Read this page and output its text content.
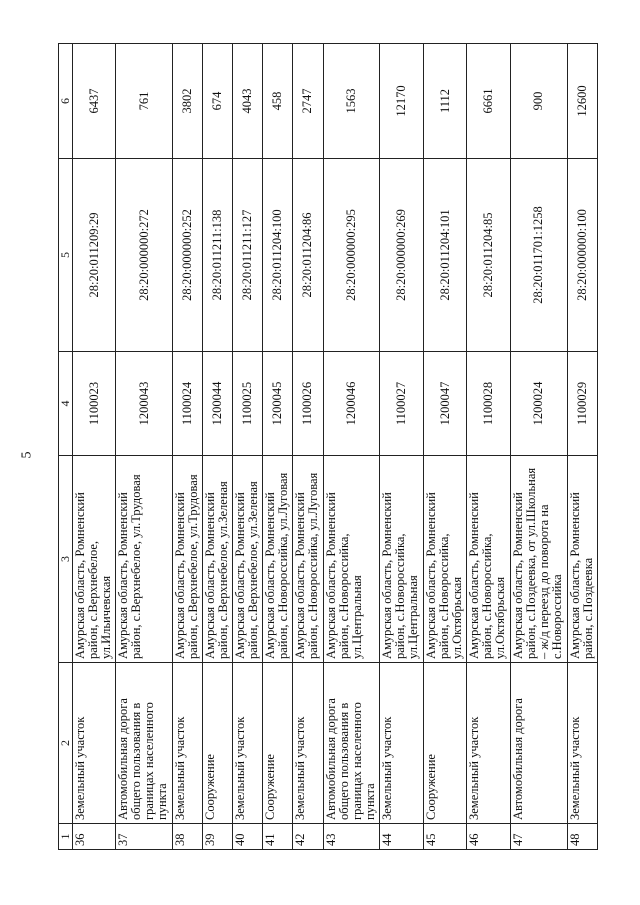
5
1	2	3	4	5	6
36	Земельный участок	Амурская область, Ромненский район, с.Верхнебелое, ул.Ильичевская	1100023	28:20:011209:29	6437
37	Автомобильная дорога общего пользования в границах населенного пункта	Амурская область, Ромненский район, с.Верхнебелое, ул.Трудовая	1200043	28:20:000000:272	761
38	Земельный участок	Амурская область, Ромненский район, с.Верхнебелое, ул.Трудовая	1100024	28:20:000000:252	3802
39	Сооружение	Амурская область, Ромненский район, с.Верхнебелое, ул.Зеленая	1200044	28:20:011211:138	674
40	Земельный участок	Амурская область, Ромненский район, с.Верхнебелое, ул.Зеленая	1100025	28:20:011211:127	4043
41	Сооружение	Амурская область, Ромненский район, с.Новороссийка, ул.Луговая	1200045	28:20:011204:100	458
42	Земельный участок	Амурская область, Ромненский район, с.Новороссийка, ул.Луговая	1100026	28:20:011204:86	2747
43	Автомобильная дорога общего пользования в границах населенного пункта	Амурская область, Ромненский район, с.Новороссийка, ул.Центральная	1200046	28:20:000000:295	1563
44	Земельный участок	Амурская область, Ромненский район, с.Новороссийка, ул.Центральная	1100027	28:20:000000:269	12170
45	Сооружение	Амурская область, Ромненский район, с.Новороссийка, ул.Октябрьская	1200047	28:20:011204:101	1112
46	Земельный участок	Амурская область, Ромненский район, с.Новороссийка, ул.Октябрьская	1100028	28:20:011204:85	6661
47	Автомобильная дорога	Амурская область, Ромненский район, с.Поздеевка, от ул.Школьная – ж/д переезд до поворота на с.Новороссийка	1200024	28:20:011701:1258	900
48	Земельный участок	Амурская область, Ромненский район, с.Поздеевка	1100029	28:20:000000:100	12600
